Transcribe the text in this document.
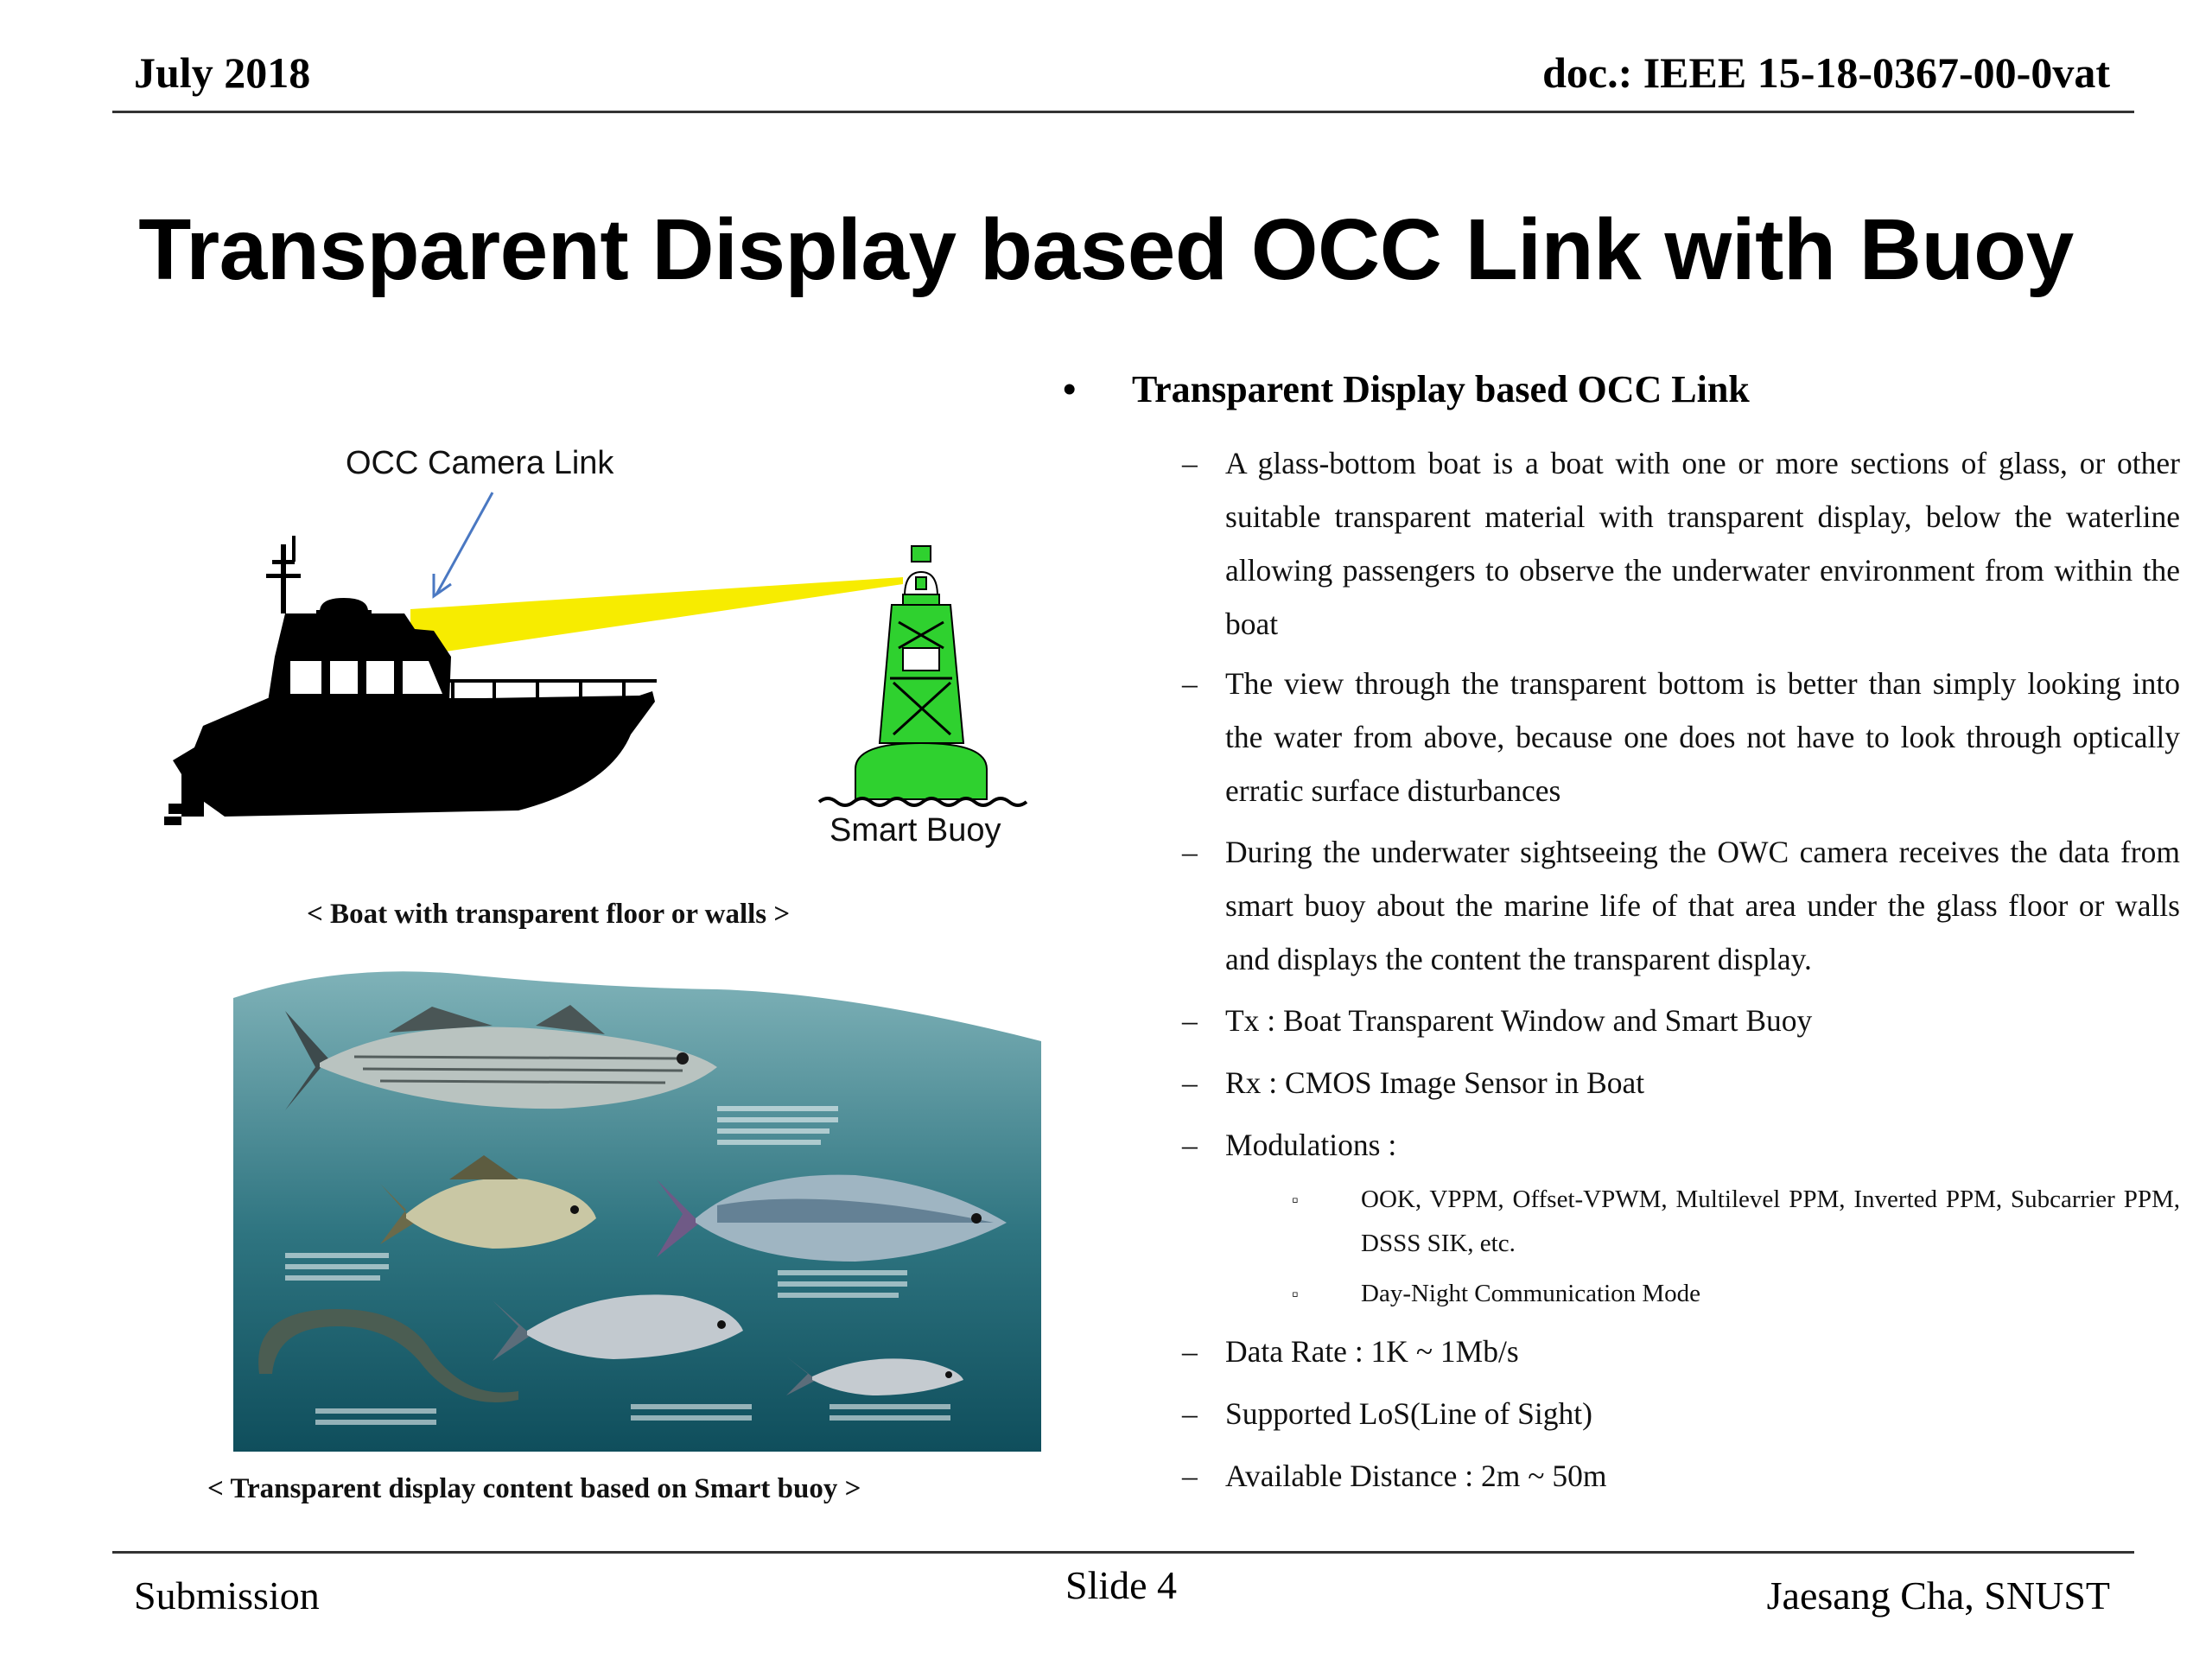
July 2018	doc.: IEEE 15-18-0367-00-0vat
Transparent Display based OCC Link with Buoy
OCC Camera Link
Smart Buoy
< Boat with transparent floor or walls >
< Transparent display content based on Smart buoy >
• Transparent Display based OCC Link
– A glass-bottom boat is a boat with one or more sections of glass, or other suitable transparent material with transparent display, below the waterline allowing passengers to observe the underwater environment from within the boat
– The view through the transparent bottom is better than simply looking into the water from above, because one does not have to look through optically erratic surface disturbances
– During the underwater sightseeing the OWC camera receives the data from smart buoy about the marine life of that area under the glass floor or walls and displays the content the transparent display.
– Tx : Boat Transparent Window and Smart Buoy
– Rx : CMOS Image Sensor in Boat
– Modulations :
▫ OOK, VPPM, Offset-VPWM, Multilevel PPM, Inverted PPM, Subcarrier PPM, DSSS SIK, etc.
▫ Day-Night Communication Mode
– Data Rate : 1K ~ 1Mb/s
– Supported LoS(Line of Sight)
– Available Distance : 2m ~ 50m
Submission	Slide 4	Jaesang Cha, SNUST
